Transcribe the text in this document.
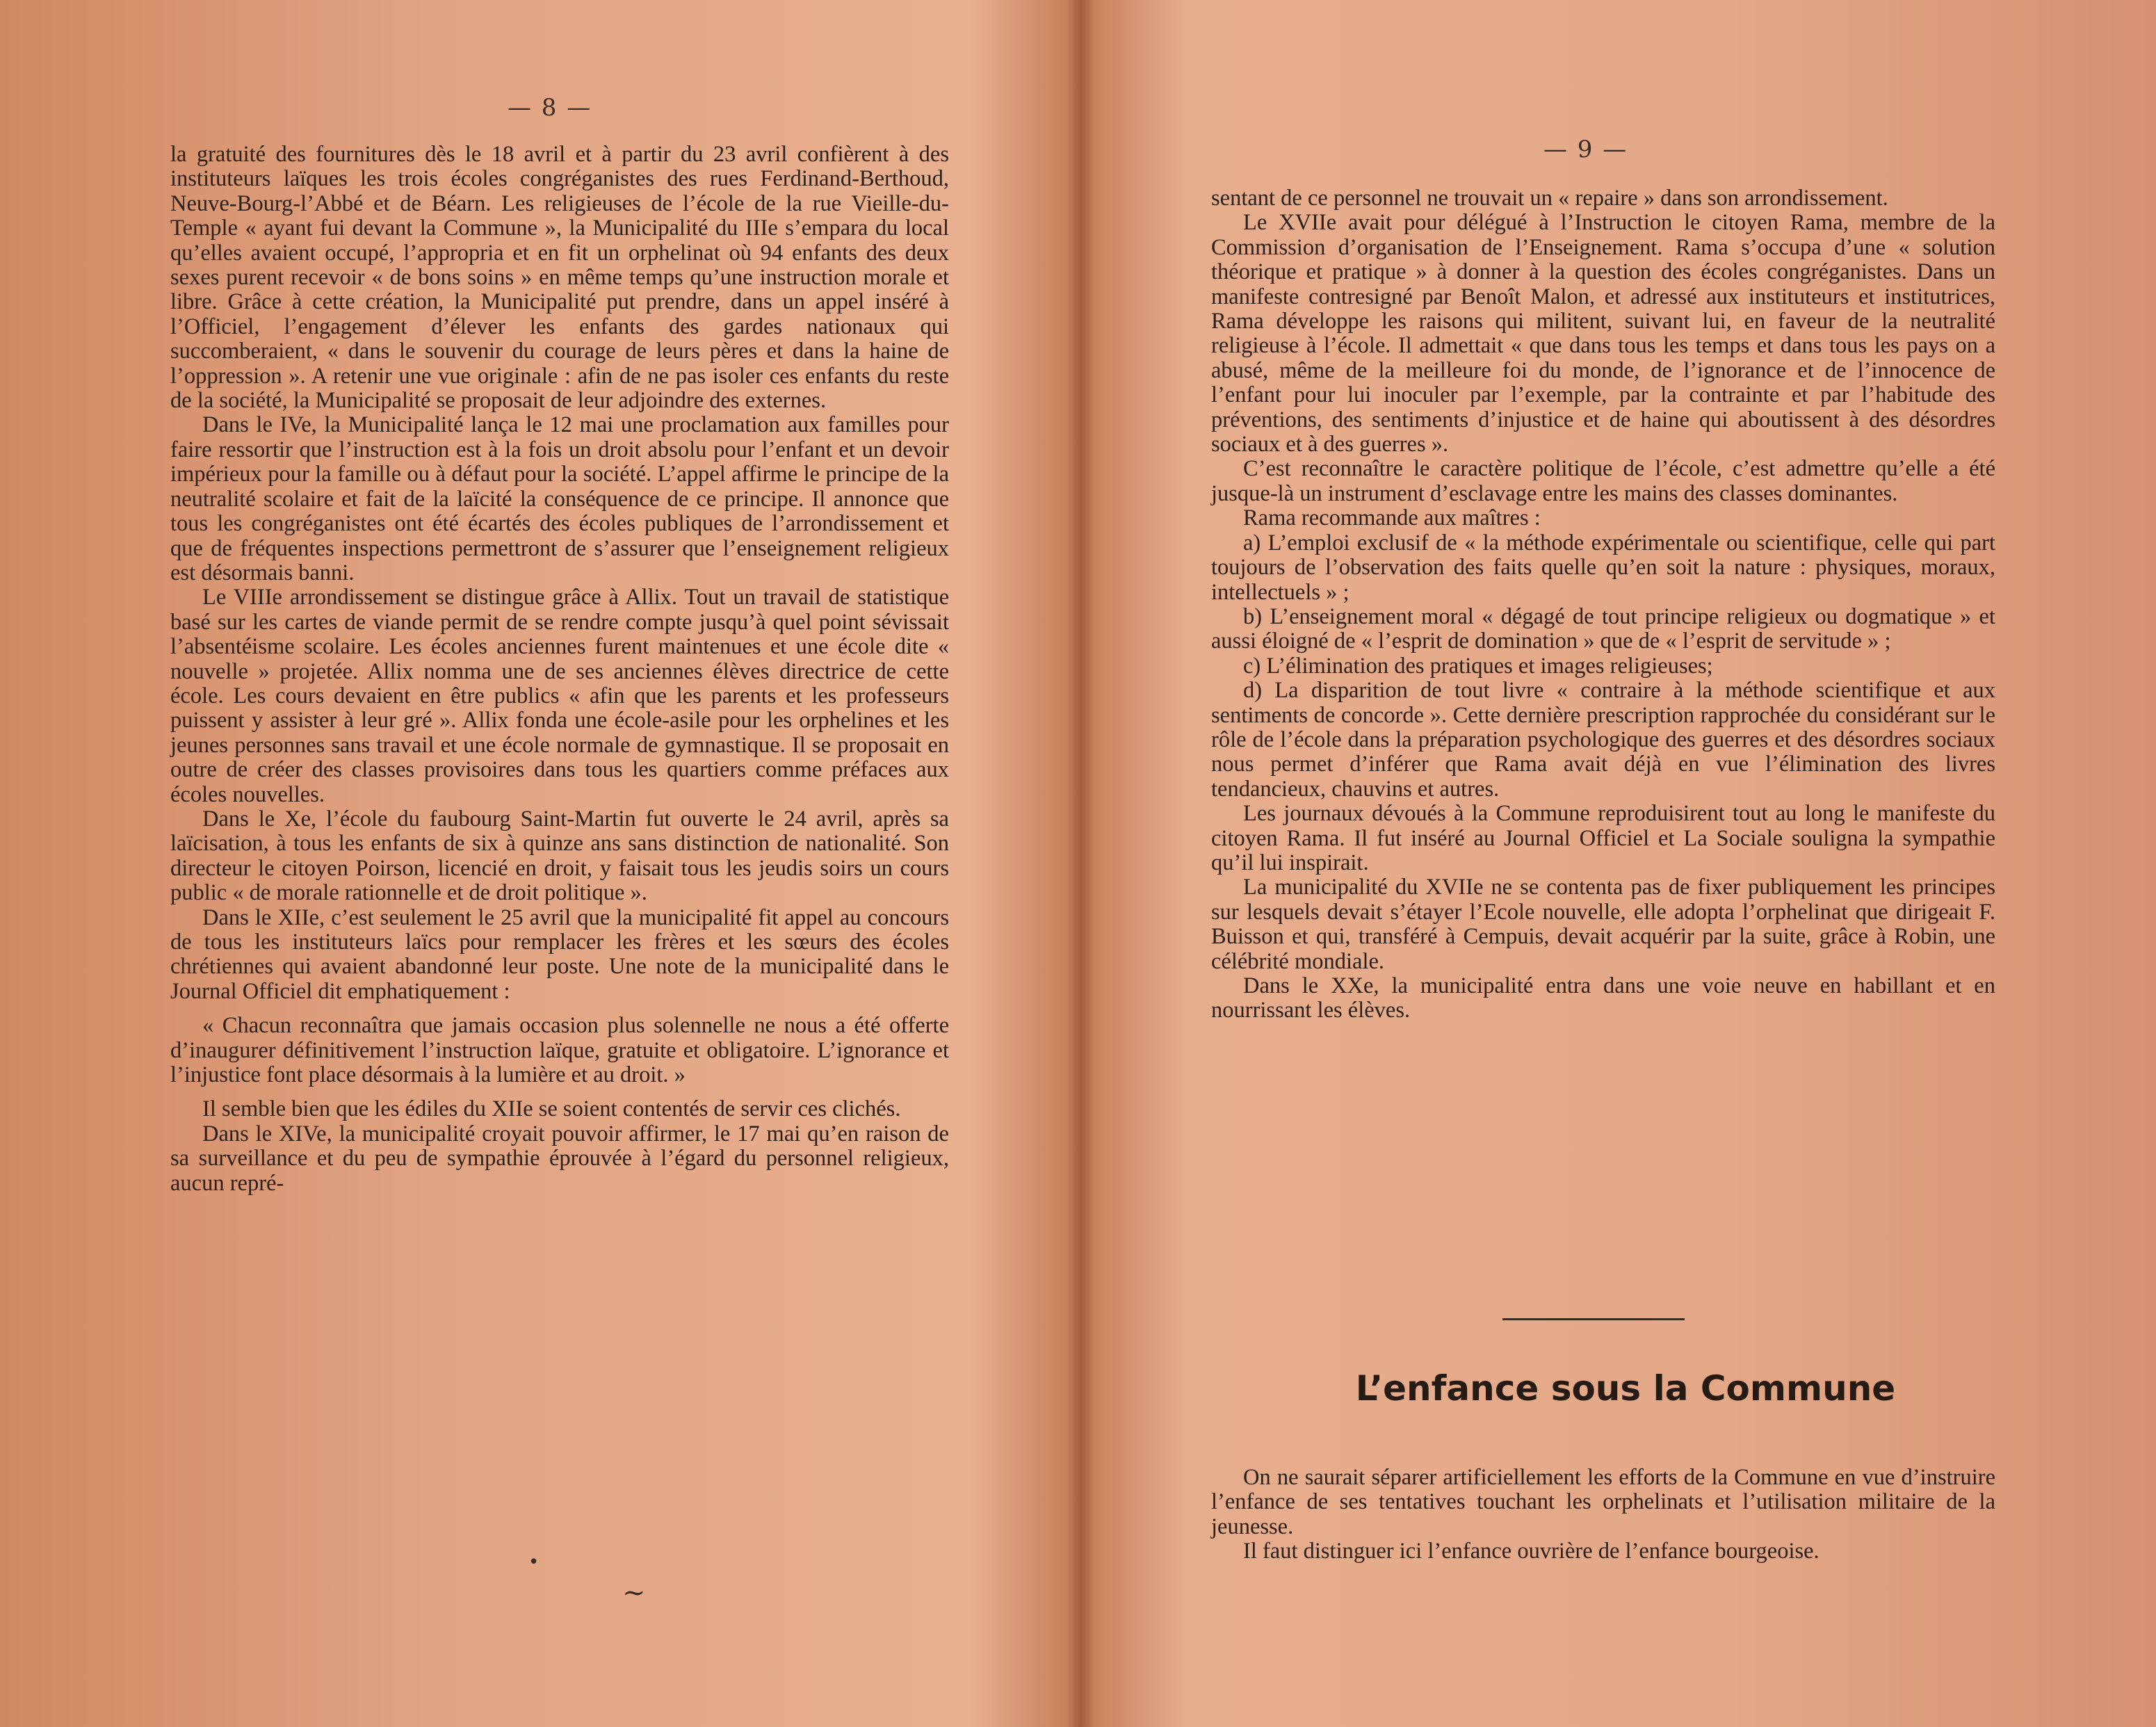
— 8 —

la gratuité des fournitures dès le 18 avril et à partir du 23 avril confièrent à des instituteurs laïques les trois écoles congréganistes des rues Ferdinand-Berthoud, Neuve-Bourg-l’Abbé et de Béarn. Les religieuses de l’école de la rue Vieille-du-Temple « ayant fui devant la Commune », la Municipalité du IIIe s’empara du local qu’elles avaient occupé, l’appropria et en fit un orphelinat où 94 enfants des deux sexes purent recevoir « de bons soins » en même temps qu’une instruction morale et libre. Grâce à cette création, la Municipalité put prendre, dans un appel inséré à l’Officiel, l’engagement d’élever les enfants des gardes nationaux qui succomberaient, « dans le souvenir du courage de leurs pères et dans la haine de l’oppression ». A retenir une vue originale : afin de ne pas isoler ces enfants du reste de la société, la Municipalité se proposait de leur adjoindre des externes.

Dans le IVe, la Municipalité lança le 12 mai une proclamation aux familles pour faire ressortir que l’instruction est à la fois un droit absolu pour l’enfant et un devoir impérieux pour la famille ou à défaut pour la société. L’appel affirme le principe de la neutralité scolaire et fait de la laïcité la conséquence de ce principe. Il annonce que tous les congréganistes ont été écartés des écoles publiques de l’arrondissement et que de fréquentes inspections permettront de s’assurer que l’enseignement religieux est désormais banni.

Le VIIIe arrondissement se distingue grâce à Allix. Tout un travail de statistique basé sur les cartes de viande permit de se rendre compte jusqu’à quel point sévissait l’absentéisme scolaire. Les écoles anciennes furent maintenues et une école dite « nouvelle » projetée. Allix nomma une de ses anciennes élèves directrice de cette école. Les cours devaient en être publics « afin que les parents et les professeurs puissent y assister à leur gré ». Allix fonda une école-asile pour les orphelines et les jeunes personnes sans travail et une école normale de gymnastique. Il se proposait en outre de créer des classes provisoires dans tous les quartiers comme préfaces aux écoles nouvelles.

Dans le Xe, l’école du faubourg Saint-Martin fut ouverte le 24 avril, après sa laïcisation, à tous les enfants de six à quinze ans sans distinction de nationalité. Son directeur le citoyen Poirson, licencié en droit, y faisait tous les jeudis soirs un cours public « de morale rationnelle et de droit politique ».

Dans le XIIe, c’est seulement le 25 avril que la municipalité fit appel au concours de tous les instituteurs laïcs pour remplacer les frères et les sœurs des écoles chrétiennes qui avaient abandonné leur poste. Une note de la municipalité dans le Journal Officiel dit emphatiquement :

« Chacun reconnaîtra que jamais occasion plus solennelle ne nous a été offerte d’inaugurer définitivement l’instruction laïque, gratuite et obligatoire. L’ignorance et l’injustice font place désormais à la lumière et au droit. »

Il semble bien que les édiles du XIIe se soient contentés de servir ces clichés.

Dans le XIVe, la municipalité croyait pouvoir affirmer, le 17 mai qu’en raison de sa surveillance et du peu de sympathie éprouvée à l’égard du personnel religieux, aucun repré-

— 9 —

sentant de ce personnel ne trouvait un « repaire » dans son arrondissement.

Le XVIIe avait pour délégué à l’Instruction le citoyen Rama, membre de la Commission d’organisation de l’Enseignement. Rama s’occupa d’une « solution théorique et pratique » à donner à la question des écoles congréganistes. Dans un manifeste contresigné par Benoît Malon, et adressé aux instituteurs et institutrices, Rama développe les raisons qui militent, suivant lui, en faveur de la neutralité religieuse à l’école. Il admettait « que dans tous les temps et dans tous les pays on a abusé, même de la meilleure foi du monde, de l’ignorance et de l’innocence de l’enfant pour lui inoculer par l’exemple, par la contrainte et par l’habitude des préventions, des sentiments d’injustice et de haine qui aboutissent à des désordres sociaux et à des guerres ».

C’est reconnaître le caractère politique de l’école, c’est admettre qu’elle a été jusque-là un instrument d’esclavage entre les mains des classes dominantes.

Rama recommande aux maîtres :

a) L’emploi exclusif de « la méthode expérimentale ou scientifique, celle qui part toujours de l’observation des faits quelle qu’en soit la nature : physiques, moraux, intellectuels » ;

b) L’enseignement moral « dégagé de tout principe religieux ou dogmatique » et aussi éloigné de « l’esprit de domination » que de « l’esprit de servitude » ;

c) L’élimination des pratiques et images religieuses;

d) La disparition de tout livre « contraire à la méthode scientifique et aux sentiments de concorde ». Cette dernière prescription rapprochée du considérant sur le rôle de l’école dans la préparation psychologique des guerres et des désordres sociaux nous permet d’inférer que Rama avait déjà en vue l’élimination des livres tendancieux, chauvins et autres.

Les journaux dévoués à la Commune reproduisirent tout au long le manifeste du citoyen Rama. Il fut inséré au Journal Officiel et La Sociale souligna la sympathie qu’il lui inspirait.

La municipalité du XVIIe ne se contenta pas de fixer publiquement les principes sur lesquels devait s’étayer l’Ecole nouvelle, elle adopta l’orphelinat que dirigeait F. Buisson et qui, transféré à Cempuis, devait acquérir par la suite, grâce à Robin, une célébrité mondiale.

Dans le XXe, la municipalité entra dans une voie neuve en habillant et en nourrissant les élèves.

L’enfance sous la Commune

On ne saurait séparer artificiellement les efforts de la Commune en vue d’instruire l’enfance de ses tentatives touchant les orphelinats et l’utilisation militaire de la jeunesse.

Il faut distinguer ici l’enfance ouvrière de l’enfance bourgeoise.

•
~
